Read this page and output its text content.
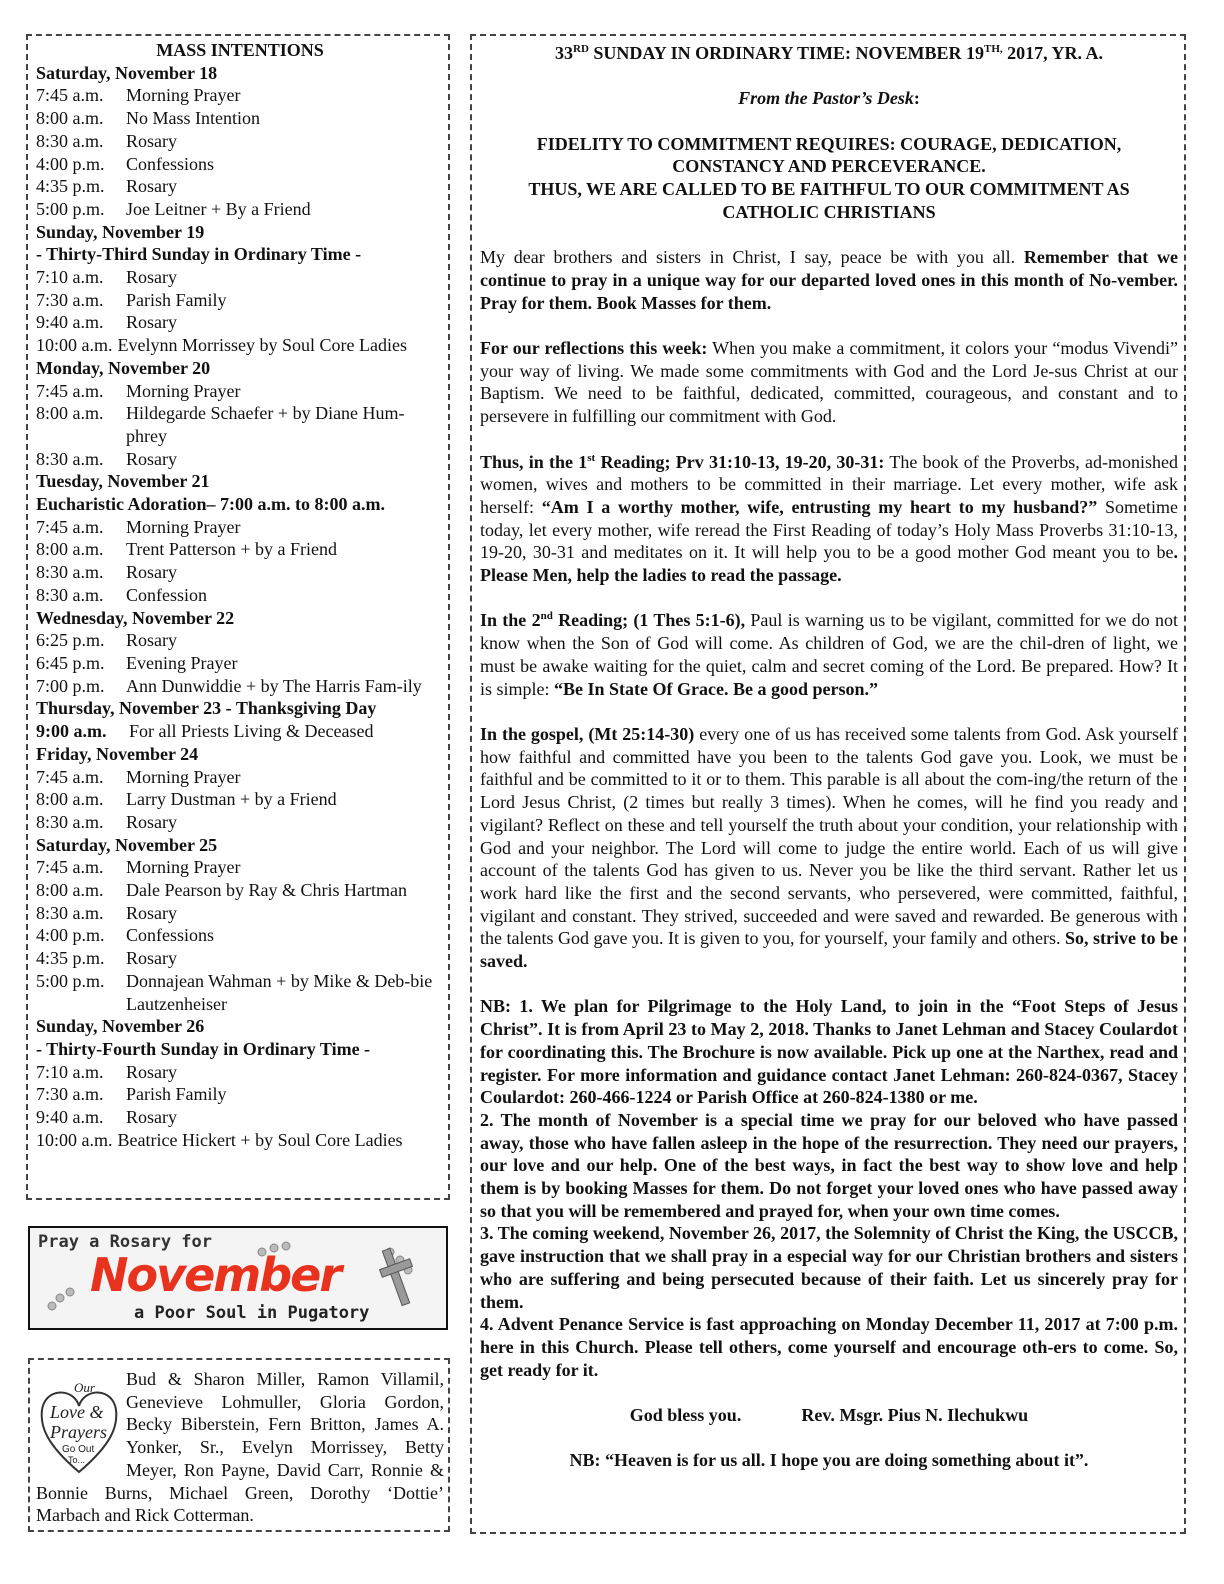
MASS INTENTIONS
Saturday, November 18
7:45 a.m.	Morning Prayer
8:00 a.m.	No Mass Intention
8:30 a.m.	Rosary
4:00 p.m.	Confessions
4:35 p.m.	Rosary
5:00 p.m.	Joe Leitner + By a Friend
Sunday, November 19
- Thirty-Third Sunday in Ordinary Time -
7:10 a.m.	Rosary
7:30 a.m.	Parish Family
9:40 a.m.	Rosary
10:00 a.m. Evelynn Morrissey by Soul Core Ladies
Monday, November 20
7:45 a.m.	Morning Prayer
8:00 a.m.	Hildegarde Schaefer + by Diane Hum-phrey
8:30 a.m.	Rosary
Tuesday, November 21
Eucharistic Adoration– 7:00 a.m. to 8:00 a.m.
7:45 a.m.	Morning Prayer
8:00 a.m.	Trent Patterson + by a Friend
8:30 a.m.	Rosary
8:30 a.m.	Confession
Wednesday, November 22
6:25 p.m.	Rosary
6:45 p.m.	Evening Prayer
7:00 p.m.	Ann Dunwiddie + by The Harris Fam-ily
Thursday, November 23 - Thanksgiving Day
9:00 a.m.	For all Priests Living & Deceased
Friday, November 24
7:45 a.m.	Morning Prayer
8:00 a.m.	Larry Dustman + by a Friend
8:30 a.m.	Rosary
Saturday, November 25
7:45 a.m.	Morning Prayer
8:00 a.m.	Dale Pearson by Ray & Chris Hartman
8:30 a.m.	Rosary
4:00 p.m.	Confessions
4:35 p.m.	Rosary
5:00 p.m.	Donnajean Wahman + by Mike & Deb-bie Lautzenheiser
Sunday, November 26
- Thirty-Fourth Sunday in Ordinary Time -
7:10 a.m.	Rosary
7:30 a.m.	Parish Family
9:40 a.m.	Rosary
10:00 a.m. Beatrice Hickert + by Soul Core Ladies
Pray a Rosary for
November
a Poor Soul in Pugatory
Our
Love &
Prayers
Go Out
To...
Bud & Sharon Miller, Ramon Villamil, Genevieve Lohmuller, Gloria Gordon, Becky Biberstein, Fern Britton, James A. Yonker, Sr., Evelyn Morrissey, Betty Meyer, Ron Payne, David Carr, Ronnie & Bonnie Burns, Michael Green, Dorothy ‘Dottie’ Marbach and Rick Cotterman.
33RD SUNDAY IN ORDINARY TIME: NOVEMBER $19^{TH,}$ 2017, YR. A.
From the Pastor’s Desk:
FIDELITY TO COMMITMENT REQUIRES: COURAGE, DEDICATION, CONSTANCY AND PERCEVERANCE.
THUS, WE ARE CALLED TO BE FAITHFUL TO OUR COMMITMENT AS CATHOLIC CHRISTIANS

My dear brothers and sisters in Christ, I say, peace be with you all. Remember that we continue to pray in a unique way for our departed loved ones in this month of No-vember. Pray for them. Book Masses for them.

For our reflections this week: When you make a commitment, it colors your “modus Vivendi” your way of living. We made some commitments with God and the Lord Je-sus Christ at our Baptism. We need to be faithful, dedicated, committed, courageous, and constant and to persevere in fulfilling our commitment with God.

Thus, in the 1st Reading; Prv 31:10-13, 19-20, 30-31: The book of the Proverbs, ad-monished women, wives and mothers to be committed in their marriage. Let every mother, wife ask herself: “Am I a worthy mother, wife, entrusting my heart to my husband?” Sometime today, let every mother, wife reread the First Reading of today’s Holy Mass Proverbs 31:10-13, 19-20, 30-31 and meditates on it. It will help you to be a good mother God meant you to be. Please Men, help the ladies to read the passage.

In the 2nd Reading; (1 Thes 5:1-6), Paul is warning us to be vigilant, committed for we do not know when the Son of God will come. As children of God, we are the chil-dren of light, we must be awake waiting for the quiet, calm and secret coming of the Lord. Be prepared. How? It is simple: “Be In State Of Grace. Be a good person.”

In the gospel, (Mt 25:14-30) every one of us has received some talents from God. Ask yourself how faithful and committed have you been to the talents God gave you. Look, we must be faithful and be committed to it or to them. This parable is all about the com-ing/the return of the Lord Jesus Christ, (2 times but really 3 times). When he comes, will he find you ready and vigilant? Reflect on these and tell yourself the truth about your condition, your relationship with God and your neighbor. The Lord will come to judge the entire world. Each of us will give account of the talents God has given to us. Never you be like the third servant. Rather let us work hard like the first and the second servants, who persevered, were committed, faithful, vigilant and constant. They strived, succeeded and were saved and rewarded. Be generous with the talents God gave you. It is given to you, for yourself, your family and others. So, strive to be saved.

NB: 1. We plan for Pilgrimage to the Holy Land, to join in the “Foot Steps of Jesus Christ”. It is from April 23 to May 2, 2018. Thanks to Janet Lehman and Stacey Coulardot for coordinating this. The Brochure is now available. Pick up one at the Narthex, read and register. For more information and guidance contact Janet Lehman: 260-824-0367, Stacey Coulardot: 260-466-1224 or Parish Office at 260-824-1380 or me.

2. The month of November is a special time we pray for our beloved who have passed away, those who have fallen asleep in the hope of the resurrection. They need our prayers, our love and our help. One of the best ways, in fact the best way to show love and help them is by booking Masses for them. Do not forget your loved ones who have passed away so that you will be remembered and prayed for, when your own time comes.

3. The coming weekend, November 26, 2017, the Solemnity of Christ the King, the USCCB, gave instruction that we shall pray in a especial way for our Christian brothers and sisters who are suffering and being persecuted because of their faith. Let us sincerely pray for them.

4. Advent Penance Service is fast approaching on Monday December 11, 2017 at 7:00 p.m. here in this Church. Please tell others, come yourself and encourage oth-ers to come. So, get ready for it.

God bless you.	Rev. Msgr. Pius N. Ilechukwu
NB: “Heaven is for us all. I hope you are doing something about it”.
